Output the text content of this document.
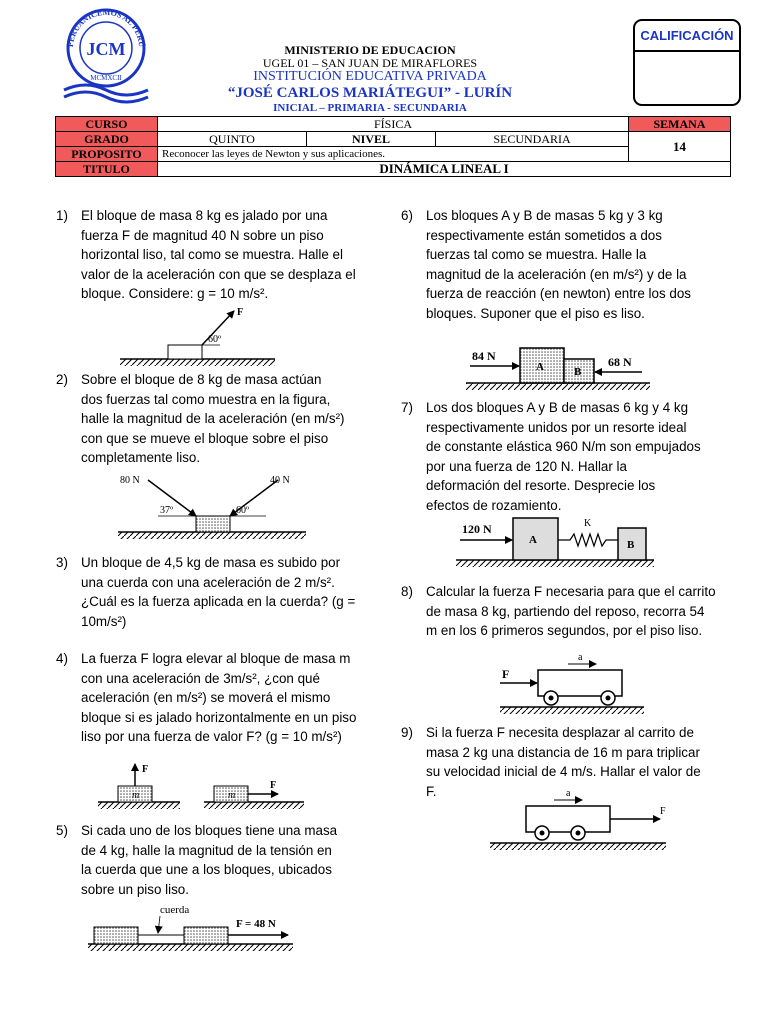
PERUANICEMOS AL PERÚ
JCM
MCMXCII
MINISTERIO DE EDUCACION
UGEL 01 – SAN JUAN DE MIRAFLORES
INSTITUCIÓN EDUCATIVA PRIVADA
“JOSÉ CARLOS MARIÁTEGUI” - LURÍN
INICIAL – PRIMARIA - SECUNDARIA
CALIFICACIÓN
CURSO	FÍSICA			SEMANA
GRADO	QUINTO	NIVEL	SECUNDARIA	14
PROPOSITO	Reconocer las leyes de Newton y sus aplicaciones.			
TITULO	DINÁMICA LINEAL I			
1) El bloque de masa 8 kg es jalado por una fuerza F de magnitud 40 N sobre un piso horizontal liso, tal como se muestra. Halle el valor de la aceleración con que se desplaza el bloque. Considere: g = 10 m/s².
2) Sobre el bloque de 8 kg de masa actúan dos fuerzas tal como muestra en la figura, halle la magnitud de la aceleración (en m/s²) con que se mueve el bloque sobre el piso completamente liso.
3) Un bloque de 4,5 kg de masa es subido por una cuerda con una aceleración de 2 m/s². ¿Cuál es la fuerza aplicada en la cuerda? (g = 10m/s²)
4) La fuerza F logra elevar al bloque de masa m con una aceleración de 3m/s², ¿con qué aceleración (en m/s²) se moverá el mismo bloque si es jalado horizontalmente en un piso liso por una fuerza de valor F? (g = 10 m/s²)
5) Si cada uno de los bloques tiene una masa de 4 kg, halle la magnitud de la tensión en la cuerda que une a los bloques, ubicados sobre un piso liso.
6) Los bloques A y B de masas 5 kg y 3 kg respectivamente están sometidos a dos fuerzas tal como se muestra. Halle la magnitud de la aceleración (en m/s²) y de la fuerza de reacción (en newton) entre los dos bloques. Suponer que el piso es liso.
7) Los dos bloques A y B de masas 6 kg y 4 kg respectivamente unidos por un resorte ideal de constante elástica 960 N/m son empujados por una fuerza de 120 N. Hallar la deformación del resorte. Desprecie los efectos de rozamiento.
8) Calcular la fuerza F necesaria para que el carrito de masa 8 kg, partiendo del reposo, recorra 54 m en los 6 primeros segundos, por el piso liso.
9) Si la fuerza F necesita desplazar al carrito de masa 2 kg una distancia de 16 m para triplicar su velocidad inicial de 4 m/s. Hallar el valor de F.
F
60º
80 N	40 N
37º	60º
m
F
m
F
cuerda
F = 48 N
A	B
84 N	68 N
A	B
K
120 N
F
a
F
a
